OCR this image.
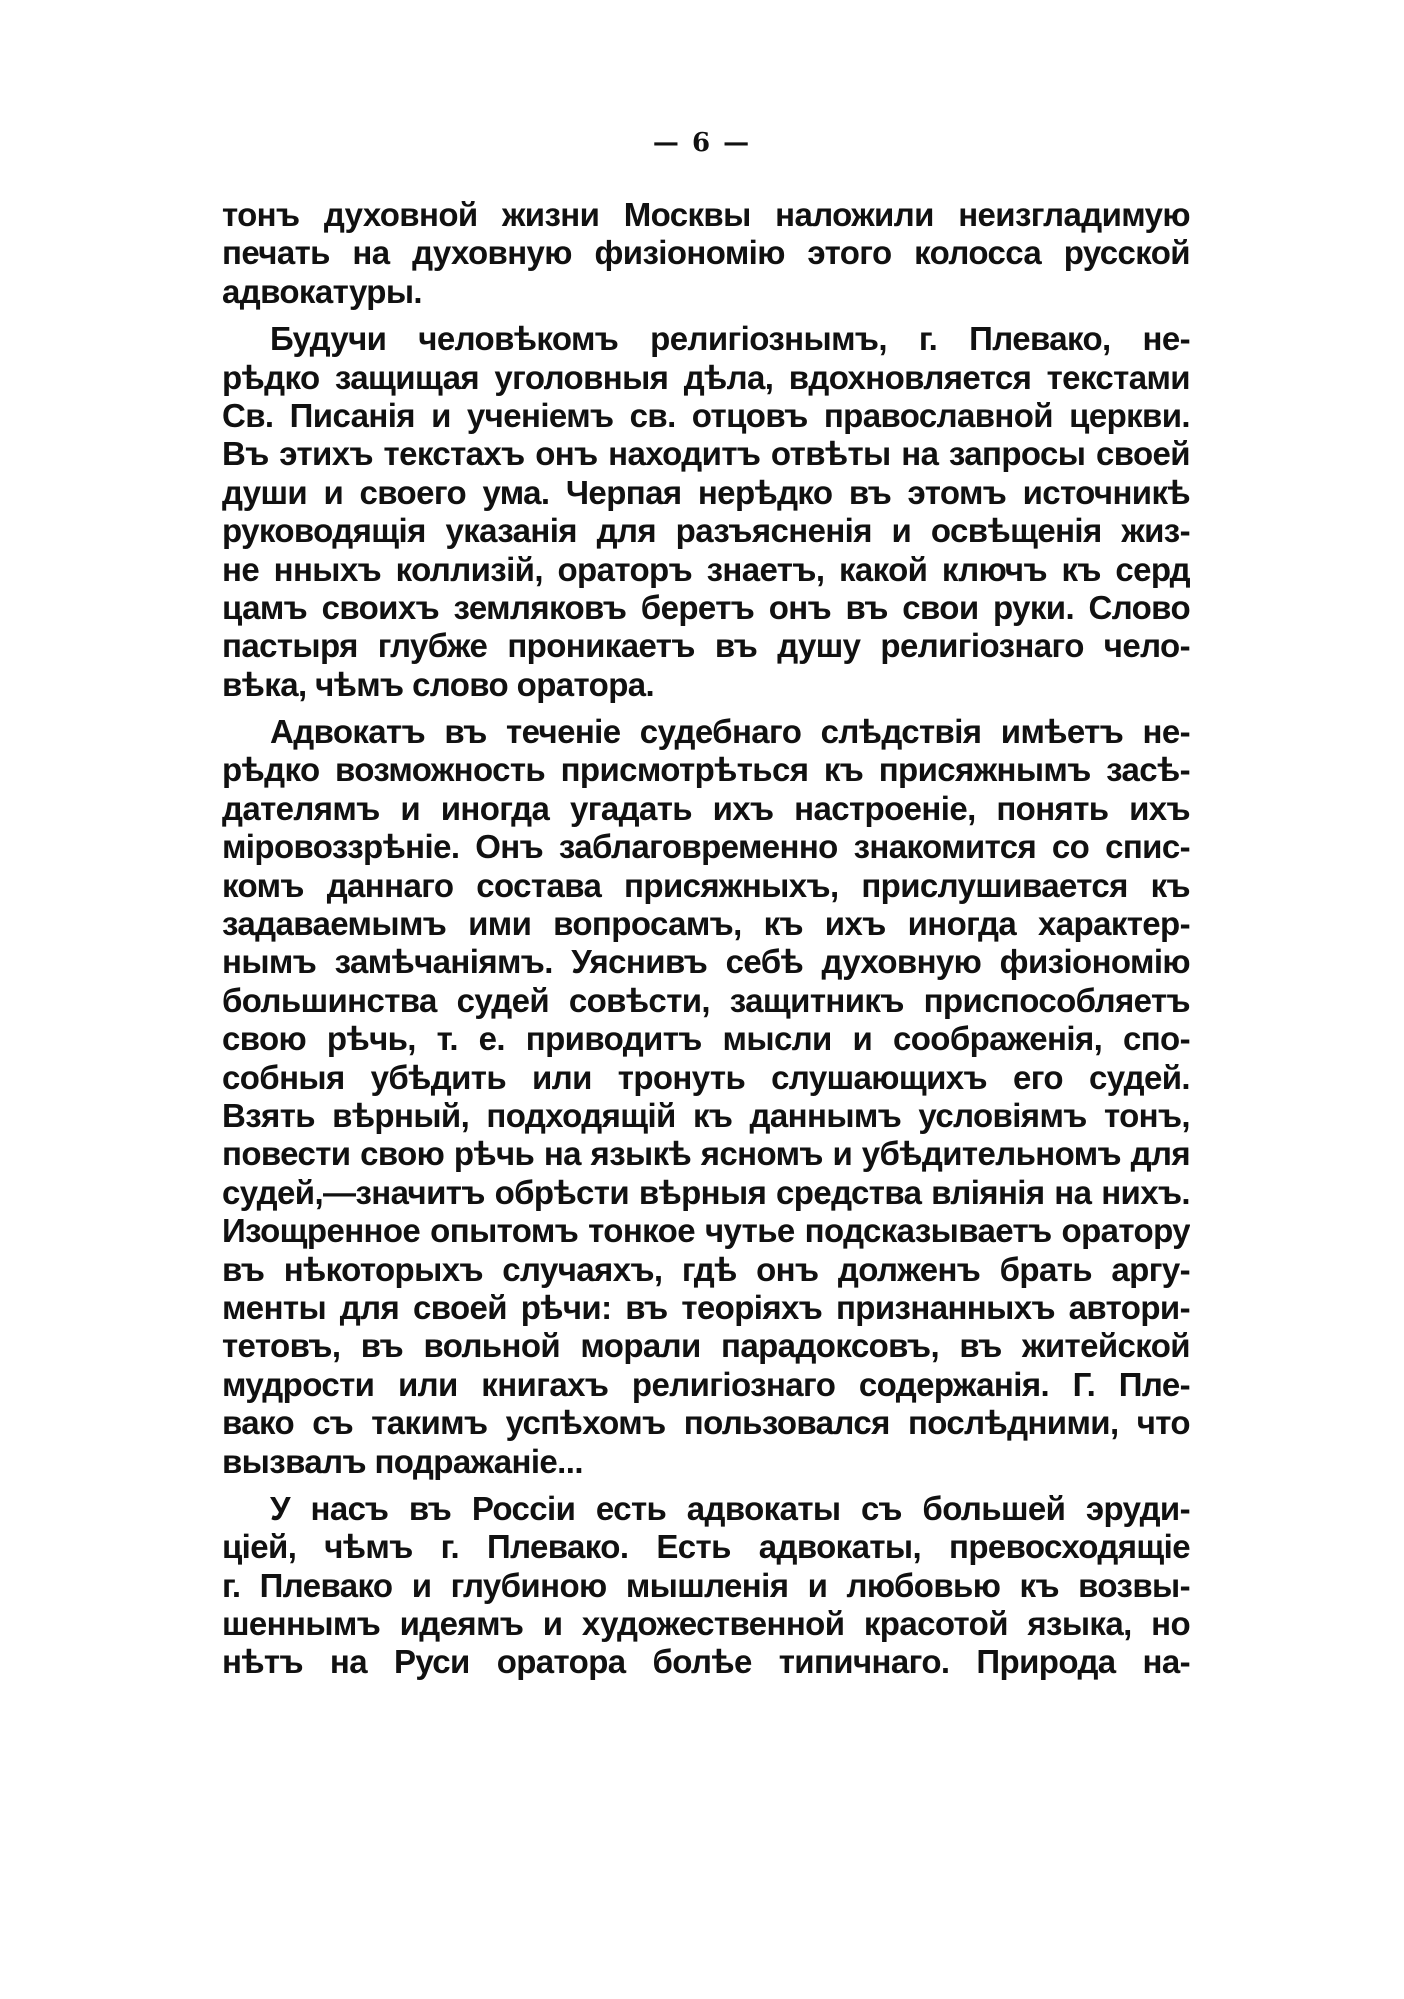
— 6 —

тонъ духовной жизни Москвы наложили неизгладимую
печать на духовную физіономію этого колосса русской
адвокатуры.

Будучи человѣкомъ религіознымъ, г. Плевако, не-
рѣдко защищая уголовныя дѣла, вдохновляется текстами
Св. Писанія и ученіемъ св. отцовъ православной церкви.
Въ этихъ текстахъ онъ находитъ отвѣты на запросы своей
души и своего ума. Черпая нерѣдко въ этомъ источникѣ
руководящія указанія для разъясненія и освѣщенія жиз-
не нныхъ коллизій, ораторъ знаетъ, какой ключъ къ серд
цамъ своихъ земляковъ беретъ онъ въ свои руки. Слово
пастыря глубже проникаетъ въ душу религіознаго чело-
вѣка, чѣмъ слово оратора.

Адвокатъ въ теченіе судебнаго слѣдствія имѣетъ не-
рѣдко возможность присмотрѣться къ присяжнымъ засѣ-
дателямъ и иногда угадать ихъ настроеніе, понять ихъ
міровоззрѣніе. Онъ заблаговременно знакомится со спис-
комъ даннаго состава присяжныхъ, прислушивается къ
задаваемымъ ими вопросамъ, къ ихъ иногда характер-
нымъ замѣчаніямъ. Уяснивъ себѣ духовную физіономію
большинства судей совѣсти, защитникъ приспособляетъ
свою рѣчь, т. е. приводитъ мысли и соображенія, спо-
собныя убѣдить или тронуть слушающихъ его судей.
Взять вѣрный, подходящій къ даннымъ условіямъ тонъ,
повести свою рѣчь на языкѣ ясномъ и убѣдительномъ для
судей,—значитъ обрѣсти вѣрныя средства вліянія на нихъ.
Изощренное опытомъ тонкое чутье подсказываетъ оратору
въ нѣкоторыхъ случаяхъ, гдѣ онъ долженъ брать аргу-
менты для своей рѣчи: въ теоріяхъ признанныхъ автори-
тетовъ, въ вольной морали парадоксовъ, въ житейской
мудрости или книгахъ религіознаго содержанія. Г. Пле-
вако съ такимъ успѣхомъ пользовался послѣдними, что
вызвалъ подражаніе...

У насъ въ Россіи есть адвокаты съ большей эруди-
ціей, чѣмъ г. Плевако. Есть адвокаты, превосходящіе
г. Плевако и глубиною мышленія и любовью къ возвы-
шеннымъ идеямъ и художественной красотой языка, но
нѣтъ на Руси оратора болѣе типичнаго. Природа на-
